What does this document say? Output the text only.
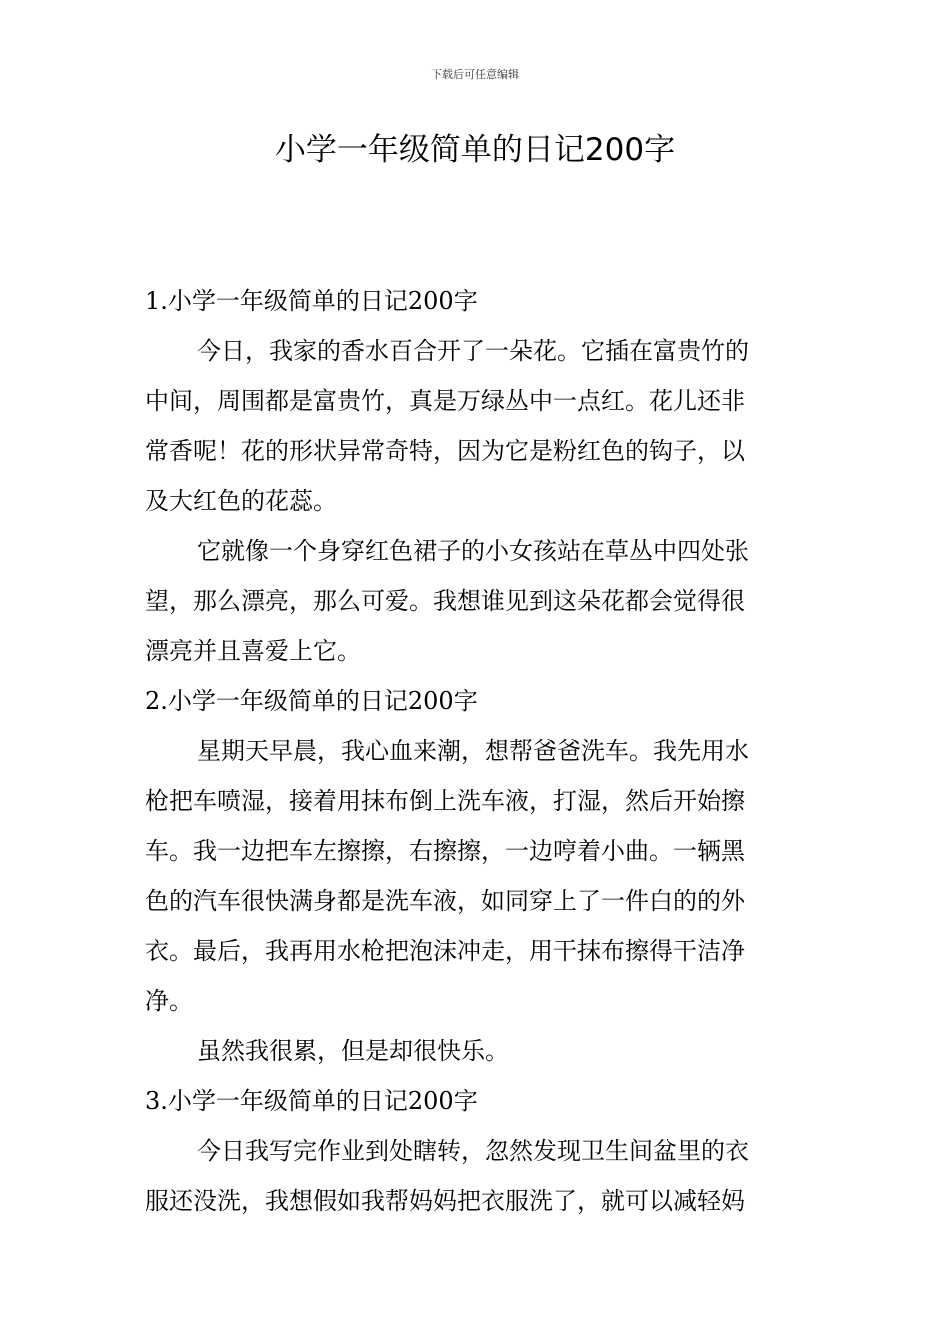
下载后可任意编辑
小学一年级简单的日记200字
1.小学一年级简单的日记200字
今日，我家的香水百合开了一朵花。它插在富贵竹的
中间，周围都是富贵竹，真是万绿丛中一点红。花儿还非
常香呢！花的形状异常奇特，因为它是粉红色的钩子，以
及大红色的花蕊。
它就像一个身穿红色裙子的小女孩站在草丛中四处张
望，那么漂亮，那么可爱。我想谁见到这朵花都会觉得很
漂亮并且喜爱上它。
2.小学一年级简单的日记200字
星期天早晨，我心血来潮，想帮爸爸洗车。我先用水
枪把车喷湿，接着用抹布倒上洗车液，打湿，然后开始擦
车。我一边把车左擦擦，右擦擦，一边哼着小曲。一辆黑
色的汽车很快满身都是洗车液，如同穿上了一件白的的外
衣。最后，我再用水枪把泡沫冲走，用干抹布擦得干洁净
净。
虽然我很累，但是却很快乐。
3.小学一年级简单的日记200字
今日我写完作业到处瞎转，忽然发现卫生间盆里的衣
服还没洗，我想假如我帮妈妈把衣服洗了，就可以减轻妈
